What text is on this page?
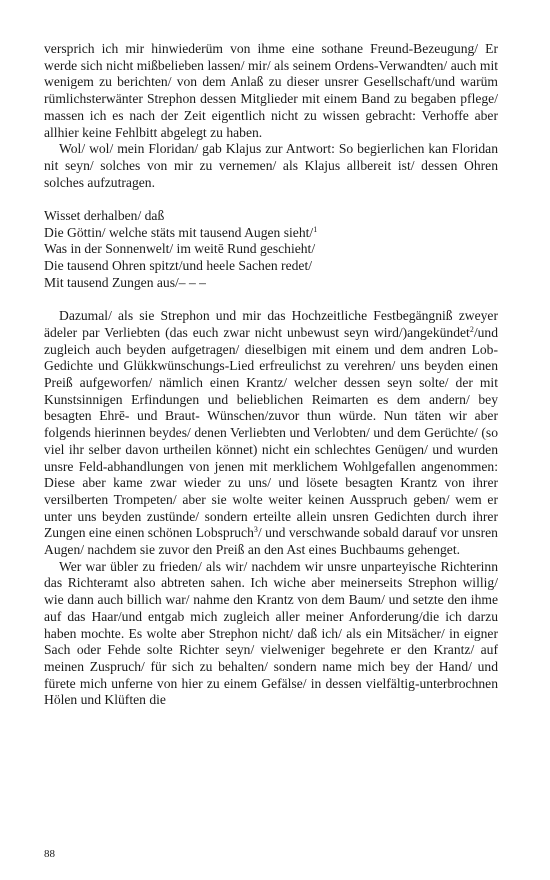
versprich ich mir hinwiederüm von ihme eine sothane Freund-Bezeugung/ Er werde sich nicht mißbelieben lassen/ mir/ als seinem Ordens-Verwandten/ auch mit wenigem zu berichten/ von dem Anlaß zu dieser unsrer Gesellschaft/und warüm rümlichsterwänter Strephon dessen Mitglieder mit einem Band zu begaben pflege/ massen ich es nach der Zeit eigentlich nicht zu wissen gebracht: Verhoffe aber allhier keine Fehlbitt abgelegt zu haben.

Wol/ wol/ mein Floridan/ gab Klajus zur Antwort: So begierlichen kan Floridan nit seyn/ solches von mir zu vernemen/ als Klajus allbereit ist/ dessen Ohren solches aufzutragen.

Wisset derhalben/ daß
Die Göttin/ welche stäts mit tausend Augen sieht/$^1$
Was in der Sonnenwelt/ im weitē Rund geschieht/
Die tausend Ohren spitzt/und heele Sachen redet/
Mit tausend Zungen aus/– – –

Dazumal/ als sie Strephon und mir das Hochzeitliche Festbegängniß zweyer ädeler par Verliebten (das euch zwar nicht unbewust seyn wird/)angekündet$^2$/und zugleich auch beyden aufgetragen/ dieselbigen mit einem und dem andren Lob-Gedichte und Glükkwünschungs-Lied erfreulichst zu verehren/ uns beyden einen Preiß aufgeworfen/ nämlich einen Krantz/ welcher dessen seyn solte/ der mit Kunstsinnigen Erfindungen und belieblichen Reimarten es dem andern/ bey besagten Ehrē- und Braut- Wünschen/zuvor thun würde. Nun täten wir aber folgends hierinnen beydes/ denen Verliebten und Verlobten/ und dem Gerüchte/ (so viel ihr selber davon urtheilen könnet) nicht ein schlechtes Genügen/ und wurden unsre Feld-abhandlungen von jenen mit merklichem Wohlgefallen angenommen: Diese aber kame zwar wieder zu uns/ und lösete besagten Krantz von ihrer versilberten Trompeten/ aber sie wolte weiter keinen Ausspruch geben/ wem er unter uns beyden zustünde/ sondern erteilte allein unsren Gedichten durch ihrer Zungen eine einen schönen Lobspruch$^3$/ und verschwande sobald darauf vor unsren Augen/ nachdem sie zuvor den Preiß an den Ast eines Buchbaums gehenget.

Wer war übler zu frieden/ als wir/ nachdem wir unsre unparteyische Richterinn das Richteramt also abtreten sahen. Ich wiche aber meinerseits Strephon willig/ wie dann auch billich war/ nahme den Krantz von dem Baum/ und setzte den ihme auf das Haar/und entgab mich zugleich aller meiner Anforderung/die ich darzu haben mochte. Es wolte aber Strephon nicht/ daß ich/ als ein Mitsächer/ in eigner Sach oder Fehde solte Richter seyn/ vielweniger begehrete er den Krantz/ auf meinen Zuspruch/ für sich zu behalten/ sondern name mich bey der Hand/ und fürete mich unferne von hier zu einem Gefälse/ in dessen vielfältig-unterbrochnen Hölen und Klüften die

88
